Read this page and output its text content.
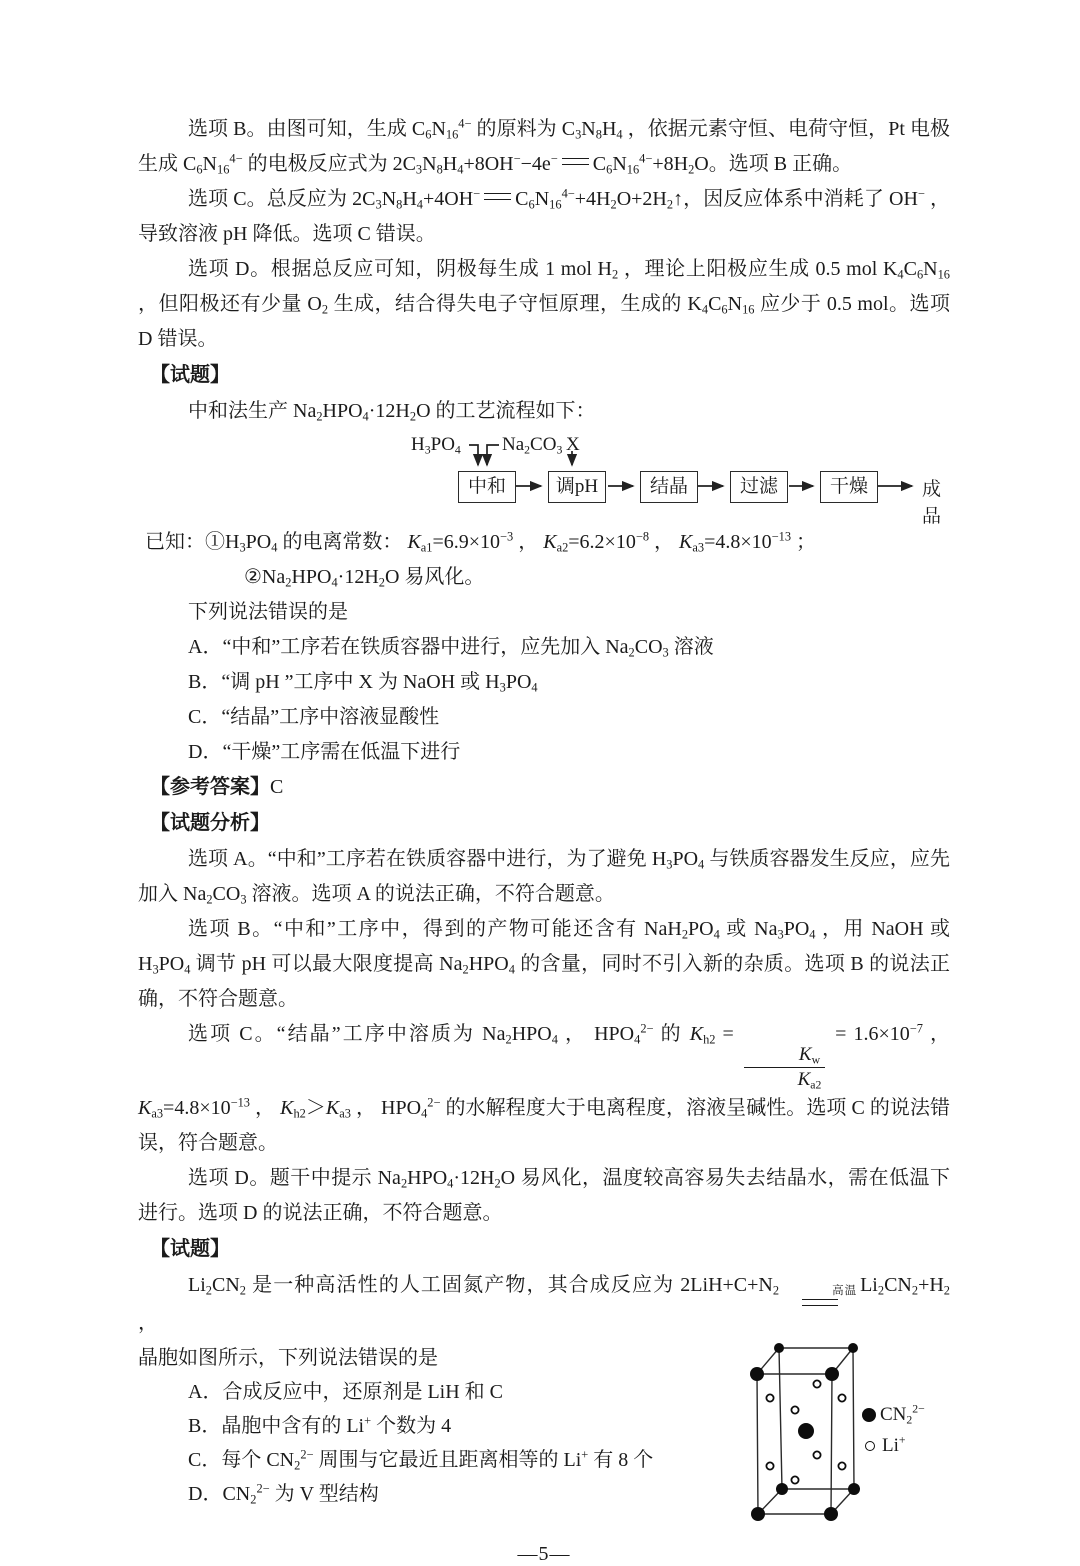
选项 B。由图可知，生成 $C_6N_{16}^{4-}$ 的原料为 $C_3N_8H_4$ ，依据元素守恒、电荷守恒，Pt 电极生成 $C_6N_{16}^{4-}$ 的电极反应式为 $2C_3N_8H_4+8OH^--4e^-$ $C_6N_{16}^{4-}+8H_2O$。选项 B 正确。

选项 C。总反应为 $2C_3N_8H_4+4OH^-$ $C_6N_{16}^{4-}+4H_2O+2H_2↑$，因反应体系中消耗了 OH− ，导致溶液 pH 降低。选项 C 错误。

选项 D。根据总反应可知，阴极每生成 1 mol $H_2$ ，理论上阳极应生成 0.5 mol $K_4C_6N_{16}$ ，但阳极还有少量 $O_2$ 生成，结合得失电子守恒原理，生成的 $K_4C_6N_{16}$ 应少于 0.5 mol。选项 D 错误。

【试题】

中和法生产 $Na_2HPO_4\cdot 12H_2O$ 的工艺流程如下：

$H_3PO_4$ $Na_2CO_3$ X
中和	调pH	结晶	过滤	干燥	成品

已知：$①H_3PO_4$ 的电离常数： $K_{a1}=6.9\times 10^{-3}$ ， $K_{a2}=6.2\times 10^{-8}$ ， $K_{a3}=4.8\times 10^{-13}$ ；

$②Na_2HPO_4\cdot 12H_2O$ 易风化。

下列说法错误的是

A．“中和”工序若在铁质容器中进行，应先加入 $Na_2CO_3$ 溶液

B．“调 pH ”工序中 X 为 NaOH 或 $H_3PO_4$

C．“结晶”工序中溶液显酸性

D．“干燥”工序需在低温下进行

【参考答案】C

【试题分析】

选项 A。“中和”工序若在铁质容器中进行，为了避免 $H_3PO_4$ 与铁质容器发生反应，应先加入 $Na_2CO_3$ 溶液。选项 A 的说法正确，不符合题意。

选项 B。“中和”工序中，得到的产物可能还含有 $NaH_2PO_4$ 或 $Na_3PO_4$ ，用 NaOH 或 $H_3PO_4$ 调节 pH 可以最大限度提高 $Na_2HPO_4$ 的含量，同时不引入新的杂质。选项 B 的说法正确，不符合题意。

选项 C。“结晶”工序中溶质为 $Na_2HPO_4$ ， $HPO_4^{2-}$ 的 $K_{h2}$ =
$\frac{K_w}{K_{a2}}$
= $1.6\times 10^{-7}$ ， $K_{a3}=4.8\times 10^{-13}$ ， $K_{h2}>K_{a3}$ ， $HPO_4^{2-}$ 的水解程度大于电离程度，溶液呈碱性。选项 C 的说法错误，符合题意。

选项 D。题干中提示 $Na_2HPO_4\cdot 12H_2O$ 易风化，温度较高容易失去结晶水，需在低温下进行。选项 D 的说法正确，不符合题意。

【试题】

$Li_2CN_2$ 是一种高活性的人工固氮产物，其合成反应为 $2LiH+C+N_2$	高温 $Li_2CN_2+H_2$ ，

$CN_2^{2-}$
Li+

晶胞如图所示，下列说法错误的是

A．合成反应中，还原剂是 LiH 和 C

B．晶胞中含有的 Li+ 个数为 4

C．每个 $CN_2^{2-}$ 周围与它最近且距离相等的 Li+ 有 8 个

D．$CN_2^{2-}$ 为 V 型结构

—5—
